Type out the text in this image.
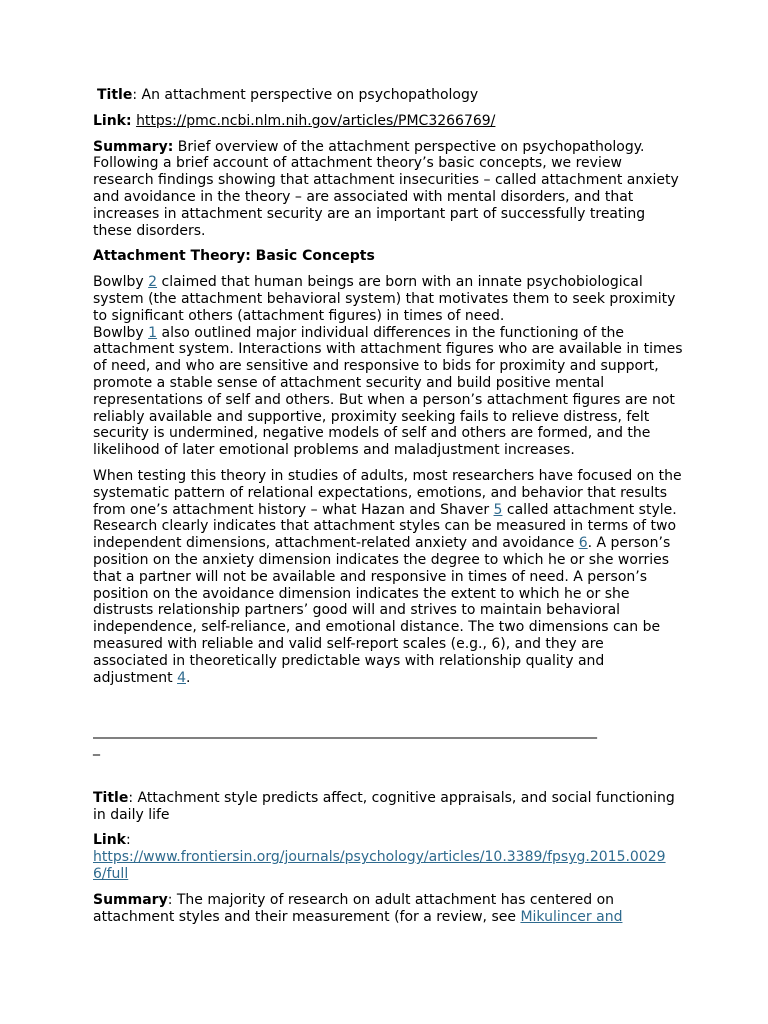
Title: An attachment perspective on psychopathology

Link: https://pmc.ncbi.nlm.nih.gov/articles/PMC3266769/

Summary: Brief overview of the attachment perspective on psychopathology. Following a brief account of attachment theory’s basic concepts, we review research findings showing that attachment insecurities – called attachment anxiety and avoidance in the theory – are associated with mental disorders, and that increases in attachment security are an important part of successfully treating these disorders.

Attachment Theory: Basic Concepts

Bowlby 2 claimed that human beings are born with an innate psychobiological system (the attachment behavioral system) that motivates them to seek proximity to significant others (attachment figures) in times of need.
Bowlby 1 also outlined major individual differences in the functioning of the attachment system. Interactions with attachment figures who are available in times of need, and who are sensitive and responsive to bids for proximity and support, promote a stable sense of attachment security and build positive mental representations of self and others. But when a person’s attachment figures are not reliably available and supportive, proximity seeking fails to relieve distress, felt security is undermined, negative models of self and others are formed, and the likelihood of later emotional problems and maladjustment increases.

When testing this theory in studies of adults, most researchers have focused on the systematic pattern of relational expectations, emotions, and behavior that results from one’s attachment history – what Hazan and Shaver 5 called attachment style. Research clearly indicates that attachment styles can be measured in terms of two independent dimensions, attachment-related anxiety and avoidance 6. A person’s position on the anxiety dimension indicates the degree to which he or she worries that a partner will not be available and responsive in times of need. A person’s position on the avoidance dimension indicates the extent to which he or she distrusts relationship partners’ good will and strives to maintain behavioral independence, self-reliance, and emotional distance. The two dimensions can be measured with reliable and valid self-report scales (e.g., 6), and they are associated in theoretically predictable ways with relationship quality and adjustment 4.

________________________________________________________________________

_

Title: Attachment style predicts affect, cognitive appraisals, and social functioning in daily life

Link:
https://www.frontiersin.org/journals/psychology/articles/10.3389/fpsyg.2015.0029
6/full

Summary: The majority of research on adult attachment has centered on attachment styles and their measurement (for a review, see Mikulincer and
